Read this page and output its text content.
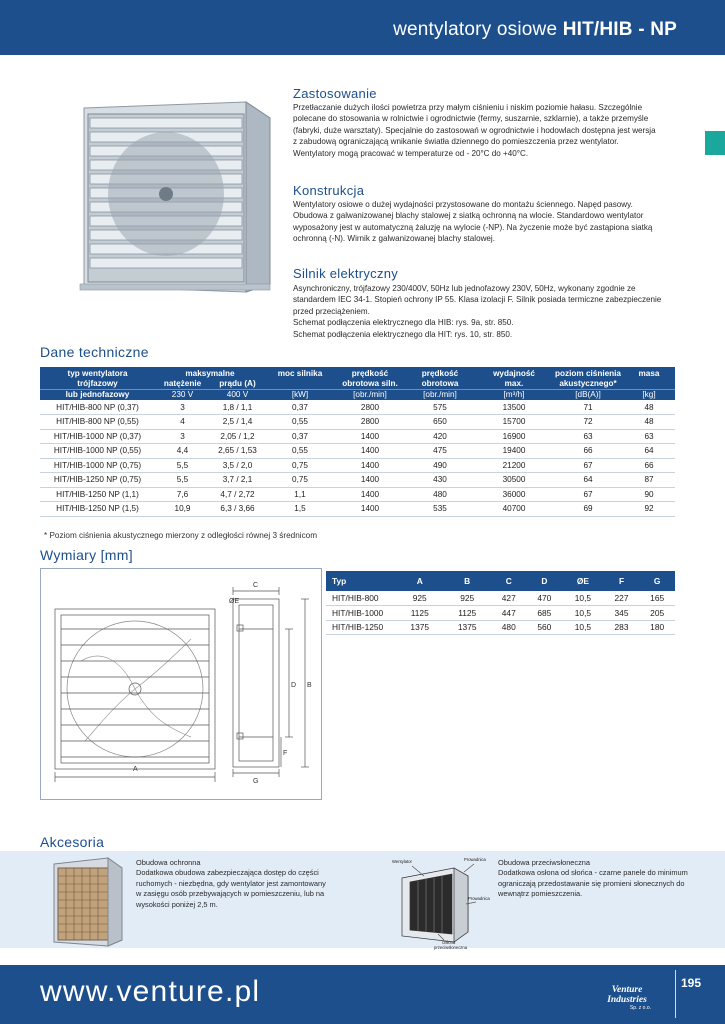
wentylatory osiowe HIT/HIB - NP
Zastosowanie
Przetłaczanie dużych ilości powietrza przy małym ciśnieniu i niskim poziomie hałasu. Szczególnie
polecane do stosowania w rolnictwie i ogrodnictwie (fermy, suszarnie, szklarnie), a także przemyśle
(fabryki, duże warsztaty). Specjalnie do zastosowań w ogrodnictwie i hodowlach dostępna jest wersja
z zabudową ograniczającą wnikanie światła dziennego do pomieszczenia przez wentylator.
Wentylatory mogą pracować w temperaturze od - 20°C do +40°C.
Konstrukcja
Wentylatory osiowe o dużej wydajności przystosowane do montażu ściennego. Napęd pasowy.
Obudowa z galwanizowanej blachy stalowej z siatką ochronną na wlocie. Standardowo wentylator
wyposażony jest w automatyczną żaluzję na wylocie (-NP). Na życzenie może być zastąpiona siatką
ochronną (-N). Wirnik z galwanizowanej blachy stalowej.
Silnik elektryczny
Asynchroniczny, trójfazowy 230/400V, 50Hz lub jednofazowy 230V, 50Hz, wykonany zgodnie ze
standardem IEC 34-1. Stopień ochrony IP 55. Klasa izolacji F. Silnik posiada termiczne zabezpieczenie
przed przeciążeniem.
Schemat podłączenia elektrycznego dla HIB: rys. 9a, str. 850.
Schemat podłączenia elektrycznego dla HIT: rys. 10, str. 850.
Dane techniczne
typ wentylatora	maksymalne		moc silnika	prędkość	prędkość	wydajność	poziom ciśnienia	masa
trójfazowy	natężenie	prądu (A)		obrotowa siln.	obrotowa	max.	akustycznego*	
lub jednofazowy	230 V	400 V	[kW]	[obr./min]	[obr./min]	[m³/h]	[dB(A)]	[kg]
HIT/HIB-800 NP (0,37)	3	1,8 / 1,1	0,37	2800	575	13500	71	48
HIT/HIB-800 NP (0,55)	4	2,5 / 1,4	0,55	2800	650	15700	72	48
HIT/HIB-1000 NP (0,37)	3	2,05 / 1,2	0,37	1400	420	16900	63	63
HIT/HIB-1000 NP (0,55)	4,4	2,65 / 1,53	0,55	1400	475	19400	66	64
HIT/HIB-1000 NP (0,75)	5,5	3,5 / 2,0	0,75	1400	490	21200	67	66
HIT/HIB-1250 NP (0,75)	5,5	3,7 / 2,1	0,75	1400	430	30500	64	87
HIT/HIB-1250 NP (1,1)	7,6	4,7 / 2,72	1,1	1400	480	36000	67	90
HIT/HIB-1250 NP (1,5)	10,9	6,3 / 3,66	1,5	1400	535	40700	69	92
* Poziom ciśnienia akustycznego mierzony z odległości równej 3 średnicom
Wymiary [mm]
A
C
ØE
D B
F
G
Typ	A	B	C	D	ØE	F	G
HIT/HIB-800	925	925	427	470	10,5	227	165
HIT/HIB-1000	1125	1125	447	685	10,5	345	205
HIT/HIB-1250	1375	1375	480	560	10,5	283	180
Akcesoria
Obudowa ochronna
Dodatkowa obudowa zabezpieczająca dostęp do części
ruchomych - niezbędna, gdy wentylator jest zamontowany
w zasięgu osób przebywających w pomieszczeniu, lub na
wysokości poniżej 2,5 m.
Wentylator	Prowadnica
Prowadnica
Osłona
przeciwsłoneczna
Obudowa przeciwsłoneczna
Dodatkowa osłona od słońca - czarne panele do minimum
ograniczają przedostawanie się promieni słonecznych do
wewnątrz pomieszczenia.
www.venture.pl	Venture
Industries
Sp. z o.o.
195
